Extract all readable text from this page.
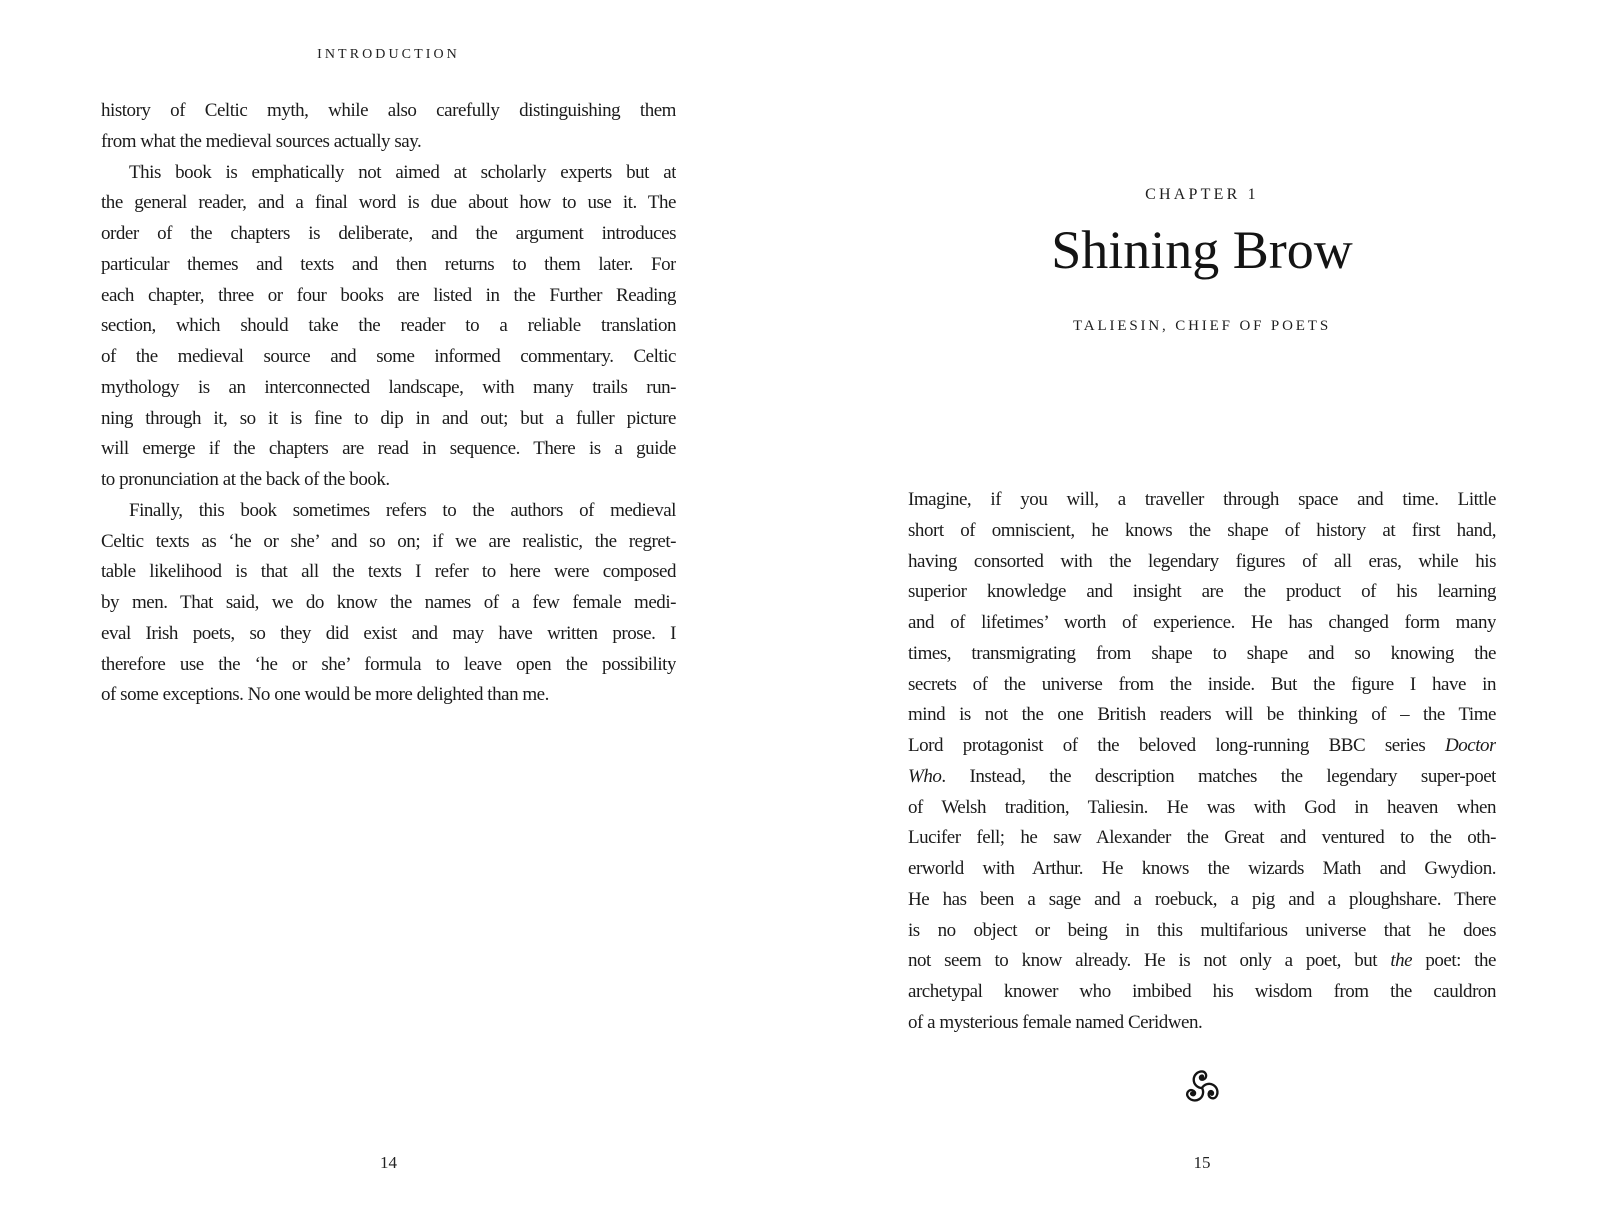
INTRODUCTION
history of Celtic myth, while also carefully distinguishing them
from what the medieval sources actually say.
This book is emphatically not aimed at scholarly experts but at
the general reader, and a final word is due about how to use it. The
order of the chapters is deliberate, and the argument introduces
particular themes and texts and then returns to them later. For
each chapter, three or four books are listed in the Further Reading
section, which should take the reader to a reliable translation
of the medieval source and some informed commentary. Celtic
mythology is an interconnected landscape, with many trails run-
ning through it, so it is fine to dip in and out; but a fuller picture
will emerge if the chapters are read in sequence. There is a guide
to pronunciation at the back of the book.
Finally, this book sometimes refers to the authors of medieval
Celtic texts as ‘he or she’ and so on; if we are realistic, the regret-
table likelihood is that all the texts I refer to here were composed
by men. That said, we do know the names of a few female medi-
eval Irish poets, so they did exist and may have written prose. I
therefore use the ‘he or she’ formula to leave open the possibility
of some exceptions. No one would be more delighted than me.
14
CHAPTER 1
Shining Brow
TALIESIN, CHIEF OF POETS
Imagine, if you will, a traveller through space and time. Little
short of omniscient, he knows the shape of history at first hand,
having consorted with the legendary figures of all eras, while his
superior knowledge and insight are the product of his learning
and of lifetimes’ worth of experience. He has changed form many
times, transmigrating from shape to shape and so knowing the
secrets of the universe from the inside. But the figure I have in
mind is not the one British readers will be thinking of – the Time
Lord protagonist of the beloved long-running BBC series Doctor
Who. Instead, the description matches the legendary super-poet
of Welsh tradition, Taliesin. He was with God in heaven when
Lucifer fell; he saw Alexander the Great and ventured to the oth-
erworld with Arthur. He knows the wizards Math and Gwydion.
He has been a sage and a roebuck, a pig and a ploughshare. There
is no object or being in this multifarious universe that he does
not seem to know already. He is not only a poet, but the poet: the
archetypal knower who imbibed his wisdom from the cauldron
of a mysterious female named Ceridwen.
15
